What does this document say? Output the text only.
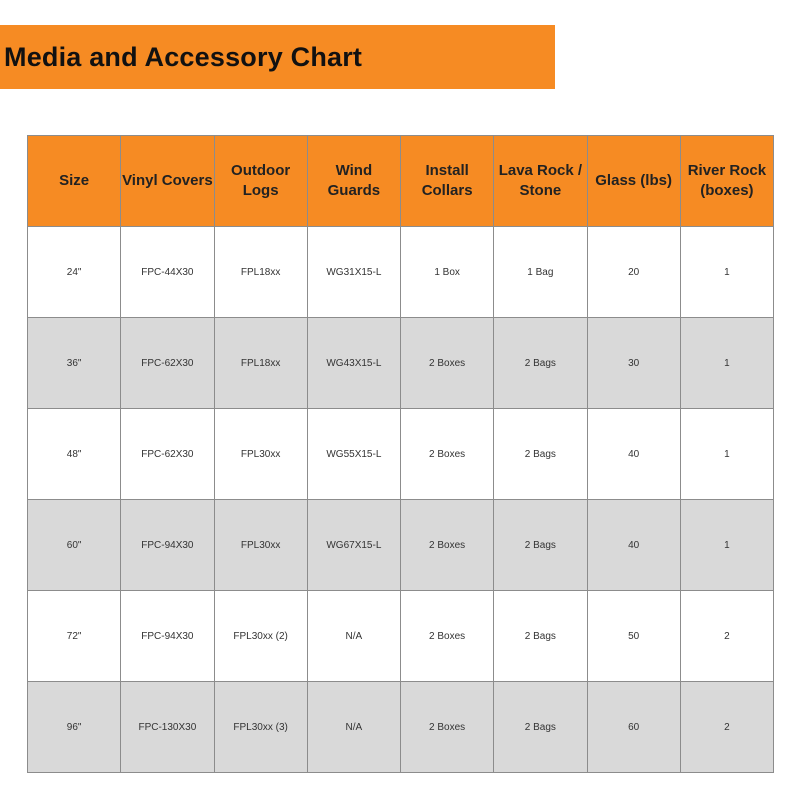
Media and Accessory Chart
Size	Vinyl Covers	Outdoor Logs	Wind Guards	Install Collars	Lava Rock / Stone	Glass (lbs)	River Rock (boxes)
24"	FPC-44X30	FPL18xx	WG31X15-L	1 Box	1 Bag	20	1
36"	FPC-62X30	FPL18xx	WG43X15-L	2 Boxes	2 Bags	30	1
48"	FPC-62X30	FPL30xx	WG55X15-L	2 Boxes	2 Bags	40	1
60"	FPC-94X30	FPL30xx	WG67X15-L	2 Boxes	2 Bags	40	1
72"	FPC-94X30	FPL30xx (2)	N/A	2 Boxes	2 Bags	50	2
96"	FPC-130X30	FPL30xx (3)	N/A	2 Boxes	2 Bags	60	2
